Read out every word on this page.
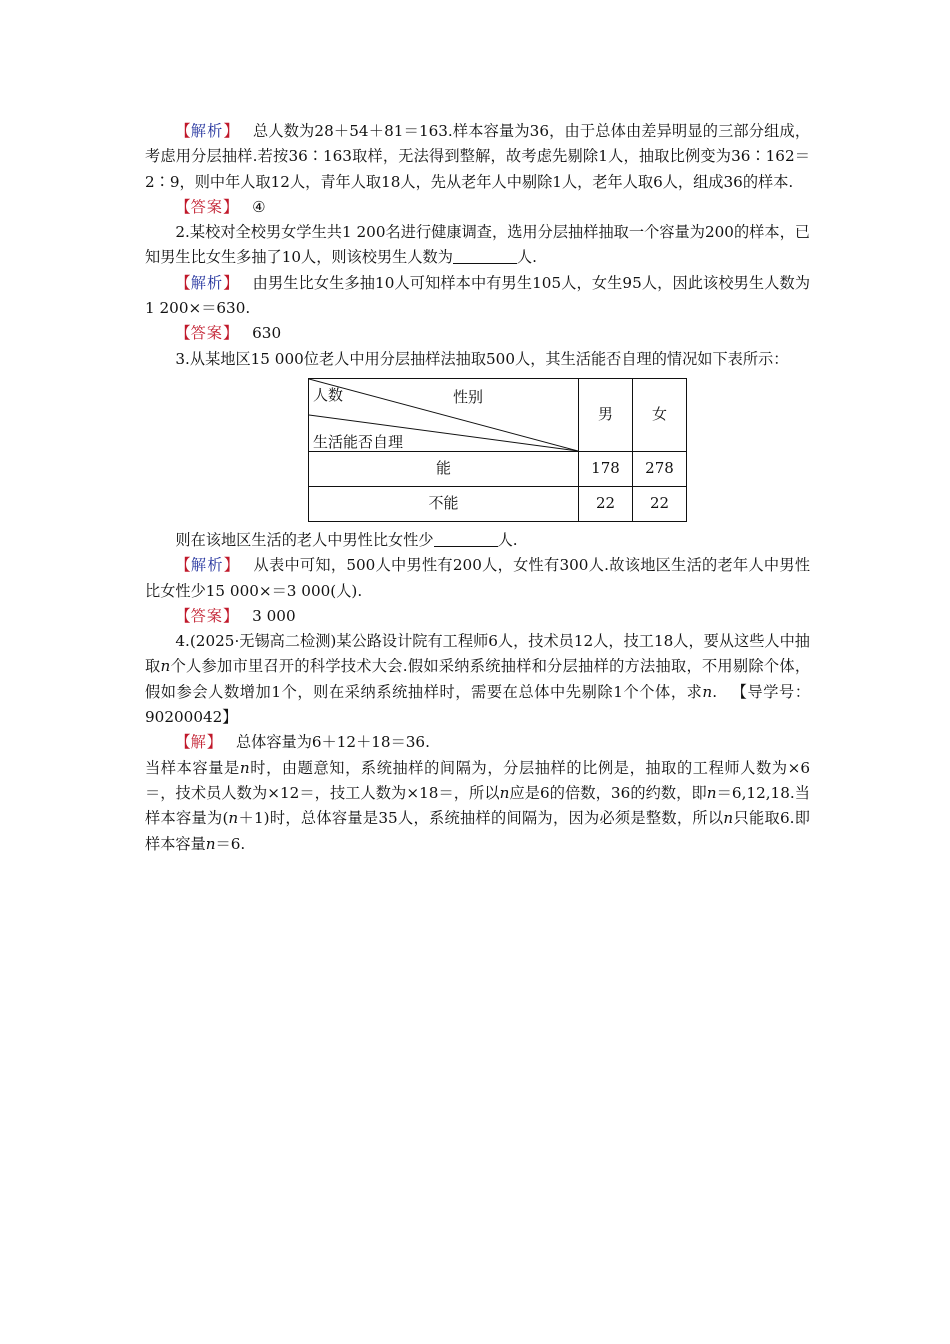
【解析】 总人数为28＋54＋81＝163.样本容量为36，由于总体由差异明显的三部分组成，考虑用分层抽样.若按36∶163取样，无法得到整解，故考虑先剔除1人，抽取比例变为36∶162＝2∶9，则中年人取12人，青年人取18人，先从老年人中剔除1人，老年人取6人，组成36的样本.

【答案】 ④

2.某校对全校男女学生共1 200名进行健康调查，选用分层抽样抽取一个容量为200的样本，已知男生比女生多抽了10人，则该校男生人数为	人.

【解析】 由男生比女生多抽10人可知样本中有男生105人，女生95人，因此该校男生人数为1 200×＝630.

【答案】 630

3.从某地区15 000位老人中用分层抽样法抽取500人，其生活能否自理的情况如下表所示：

人数 性别
生活能否自理	男	女
能	178	278
不能	22	22

则在该地区生活的老人中男性比女性少	人.

【解析】 从表中可知，500人中男性有200人，女性有300人.故该地区生活的老年人中男性比女性少15 000×＝3 000(人).

【答案】 3 000

4.(2025·无锡高二检测)某公路设计院有工程师6人，技术员12人，技工18人，要从这些人中抽取n个人参加市里召开的科学技术大会.假如采纳系统抽样和分层抽样的方法抽取，不用剔除个体，假如参会人数增加1个，则在采纳系统抽样时，需要在总体中先剔除1个个体，求n. 【导学号：90200042】

【解】 总体容量为6＋12＋18＝36.

当样本容量是n时，由题意知，系统抽样的间隔为，分层抽样的比例是，抽取的工程师人数为×6＝，技术员人数为×12＝，技工人数为×18＝，所以n应是6的倍数，36的约数，即n＝6,12,18.当样本容量为(n＋1)时，总体容量是35人，系统抽样的间隔为，因为必须是整数，所以n只能取6.即样本容量n＝6.
